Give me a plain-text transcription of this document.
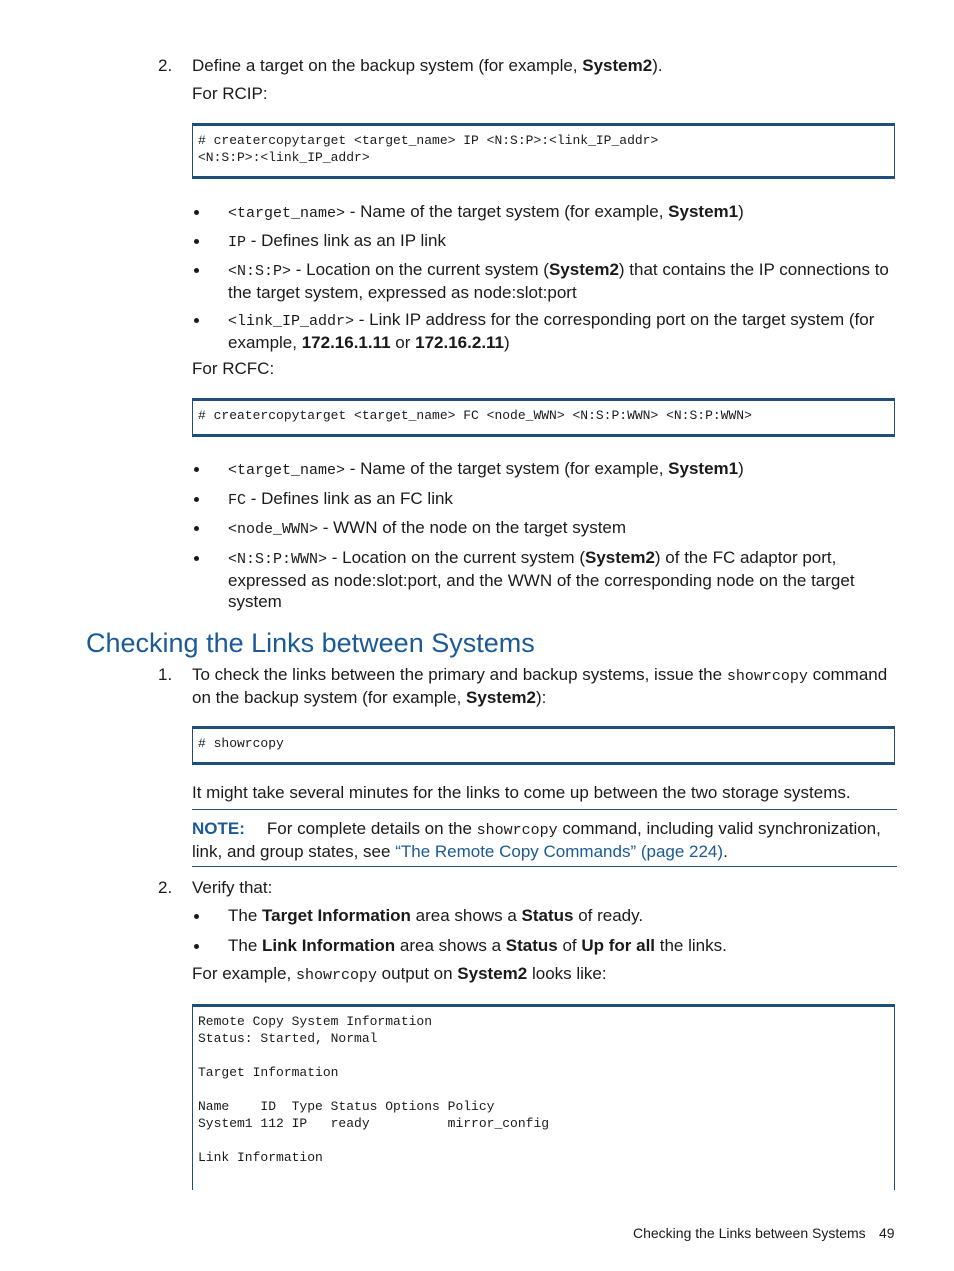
2. Define a target on the backup system (for example, System2).
For RCIP:
# creatercopytarget <target_name> IP <N:S:P>:<link_IP_addr>
<N:S:P>:<link_IP_addr>
<target_name> - Name of the target system (for example, System1)
IP - Defines link as an IP link
<N:S:P> - Location on the current system (System2) that contains the IP connections to the target system, expressed as node:slot:port
<link_IP_addr> - Link IP address for the corresponding port on the target system (for example, 172.16.1.11 or 172.16.2.11)
For RCFC:
# creatercopytarget <target_name> FC <node_WWN> <N:S:P:WWN> <N:S:P:WWN>
<target_name> - Name of the target system (for example, System1)
FC - Defines link as an FC link
<node_WWN> - WWN of the node on the target system
<N:S:P:WWN> - Location on the current system (System2) of the FC adaptor port, expressed as node:slot:port, and the WWN of the corresponding node on the target system
Checking the Links between Systems
1. To check the links between the primary and backup systems, issue the showrcopy command on the backup system (for example, System2):
# showrcopy
It might take several minutes for the links to come up between the two storage systems.
NOTE: For complete details on the showrcopy command, including valid synchronization, link, and group states, see “The Remote Copy Commands” (page 224).
2. Verify that:
The Target Information area shows a Status of ready.
The Link Information area shows a Status of Up for all the links.
For example, showrcopy output on System2 looks like:
Remote Copy System Information
Status: Started, Normal

Target Information

Name    ID  Type Status Options Policy
System1 112 IP   ready          mirror_config

Link Information
Checking the Links between Systems 49
